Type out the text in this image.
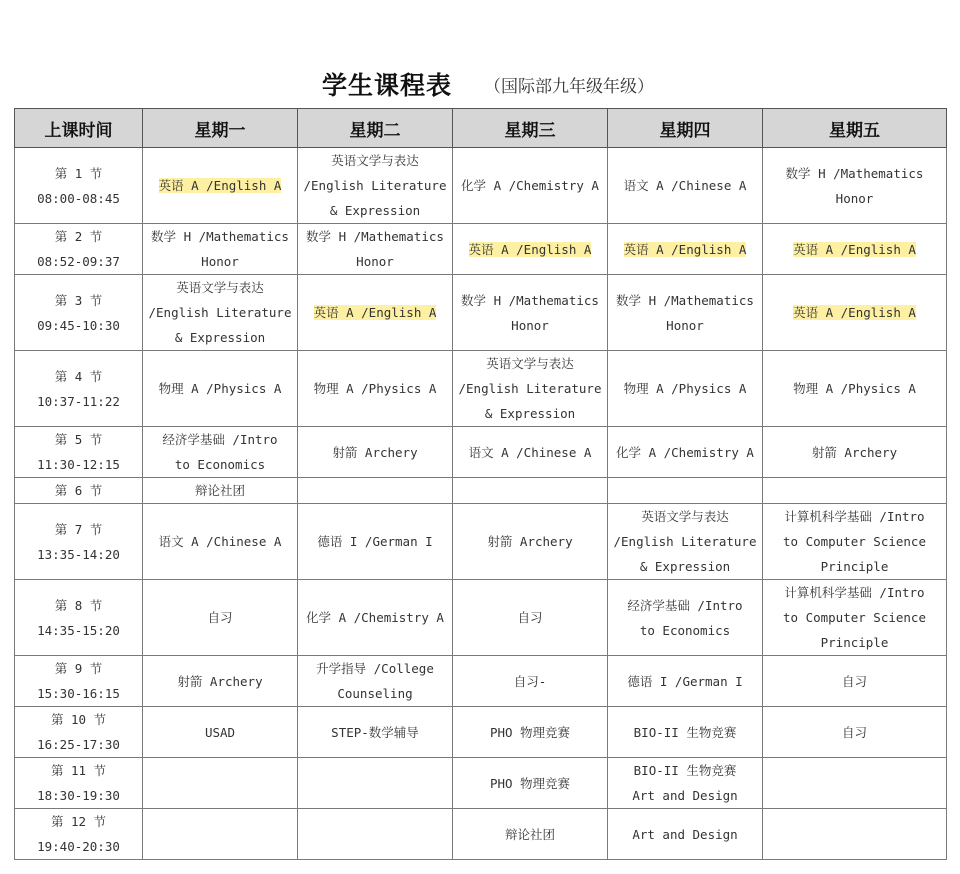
学生课程表 （国际部九年级年级）
上课时间	星期一	星期二	星期三	星期四	星期五
第 1 节
08:00-08:45	英语 A /English A	英语文学与表达
/English Literature
& Expression	化学 A /Chemistry A	语文 A /Chinese A	数学 H /Mathematics
Honor
第 2 节
08:52-09:37	数学 H /Mathematics
Honor	数学 H /Mathematics
Honor	英语 A /English A	英语 A /English A	英语 A /English A
第 3 节
09:45-10:30	英语文学与表达
/English Literature
& Expression	英语 A /English A	数学 H /Mathematics
Honor	数学 H /Mathematics
Honor	英语 A /English A
第 4 节
10:37-11:22	物理 A /Physics A	物理 A /Physics A	英语文学与表达
/English Literature
& Expression	物理 A /Physics A	物理 A /Physics A
第 5 节
11:30-12:15	经济学基础 /Intro
to Economics	射箭 Archery	语文 A /Chinese A	化学 A /Chemistry A	射箭 Archery
第 6 节	辩论社团				
第 7 节
13:35-14:20	语文 A /Chinese A	德语 I /German I	射箭 Archery	英语文学与表达
/English Literature
& Expression	计算机科学基础 /Intro
to Computer Science
Principle
第 8 节
14:35-15:20	自习	化学 A /Chemistry A	自习	经济学基础 /Intro
to Economics	计算机科学基础 /Intro
to Computer Science
Principle
第 9 节
15:30-16:15	射箭 Archery	升学指导 /College
Counseling	自习-	德语 I /German I	自习
第 10 节
16:25-17:30	USAD	STEP-数学辅导	PHO 物理竞赛	BIO-II 生物竞赛	自习
第 11 节
18:30-19:30			PHO 物理竞赛	BIO-II 生物竞赛
Art and Design	
第 12 节
19:40-20:30			辩论社团	Art and Design	
